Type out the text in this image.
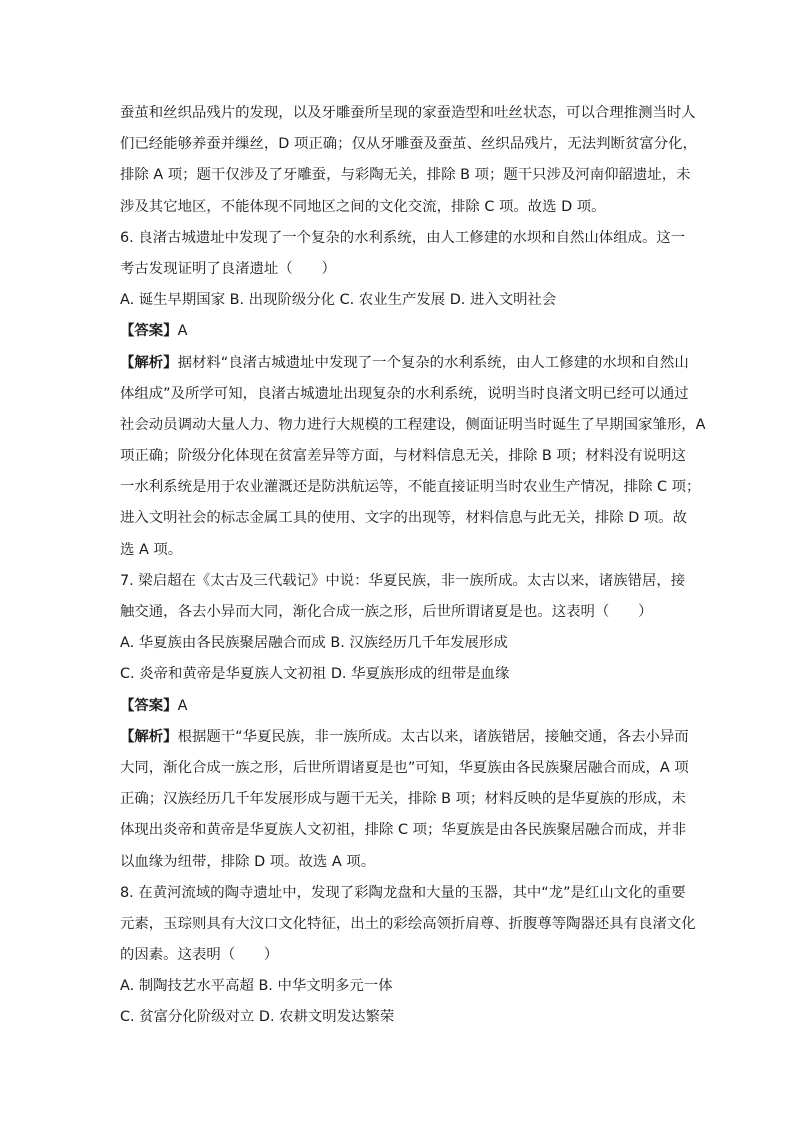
蚕茧和丝织品残片的发现，以及牙雕蚕所呈现的家蚕造型和吐丝状态，可以合理推测当时人
们已经能够养蚕并缫丝，D 项正确；仅从牙雕蚕及蚕茧、丝织品残片，无法判断贫富分化，
排除 A 项；题干仅涉及了牙雕蚕，与彩陶无关，排除 B 项；题干只涉及河南仰韶遗址，未
涉及其它地区，不能体现不同地区之间的文化交流，排除 C 项。故选 D 项。
6. 良渚古城遗址中发现了一个复杂的水利系统，由人工修建的水坝和自然山体组成。这一
考古发现证明了良渚遗址（　　）
A. 诞生早期国家 B. 出现阶级分化 C. 农业生产发展 D. 进入文明社会
【答案】A
【解析】据材料“良渚古城遗址中发现了一个复杂的水利系统，由人工修建的水坝和自然山
体组成”及所学可知，良渚古城遗址出现复杂的水利系统，说明当时良渚文明已经可以通过
社会动员调动大量人力、物力进行大规模的工程建设，侧面证明当时诞生了早期国家雏形，A
项正确；阶级分化体现在贫富差异等方面，与材料信息无关，排除 B 项；材料没有说明这
一水利系统是用于农业灌溉还是防洪航运等，不能直接证明当时农业生产情况，排除 C 项；
进入文明社会的标志金属工具的使用、文字的出现等，材料信息与此无关，排除 D 项。故
选 A 项。
7. 梁启超在《太古及三代载记》中说：华夏民族，非一族所成。太古以来，诸族错居，接
触交通，各去小异而大同，渐化合成一族之形，后世所谓诸夏是也。这表明（　　）
A. 华夏族由各民族聚居融合而成 B. 汉族经历几千年发展形成
C. 炎帝和黄帝是华夏族人文初祖 D. 华夏族形成的纽带是血缘
【答案】A
【解析】根据题干“华夏民族，非一族所成。太古以来，诸族错居，接触交通，各去小异而
大同，渐化合成一族之形，后世所谓诸夏是也”可知，华夏族由各民族聚居融合而成，A 项
正确；汉族经历几千年发展形成与题干无关，排除 B 项；材料反映的是华夏族的形成，未
体现出炎帝和黄帝是华夏族人文初祖，排除 C 项；华夏族是由各民族聚居融合而成，并非
以血缘为纽带，排除 D 项。故选 A 项。
8. 在黄河流域的陶寺遗址中，发现了彩陶龙盘和大量的玉器，其中“龙”是红山文化的重要
元素，玉琮则具有大汶口文化特征，出土的彩绘高领折肩尊、折腹尊等陶器还具有良渚文化
的因素。这表明（　　）
A. 制陶技艺水平高超 B. 中华文明多元一体
C. 贫富分化阶级对立 D. 农耕文明发达繁荣
